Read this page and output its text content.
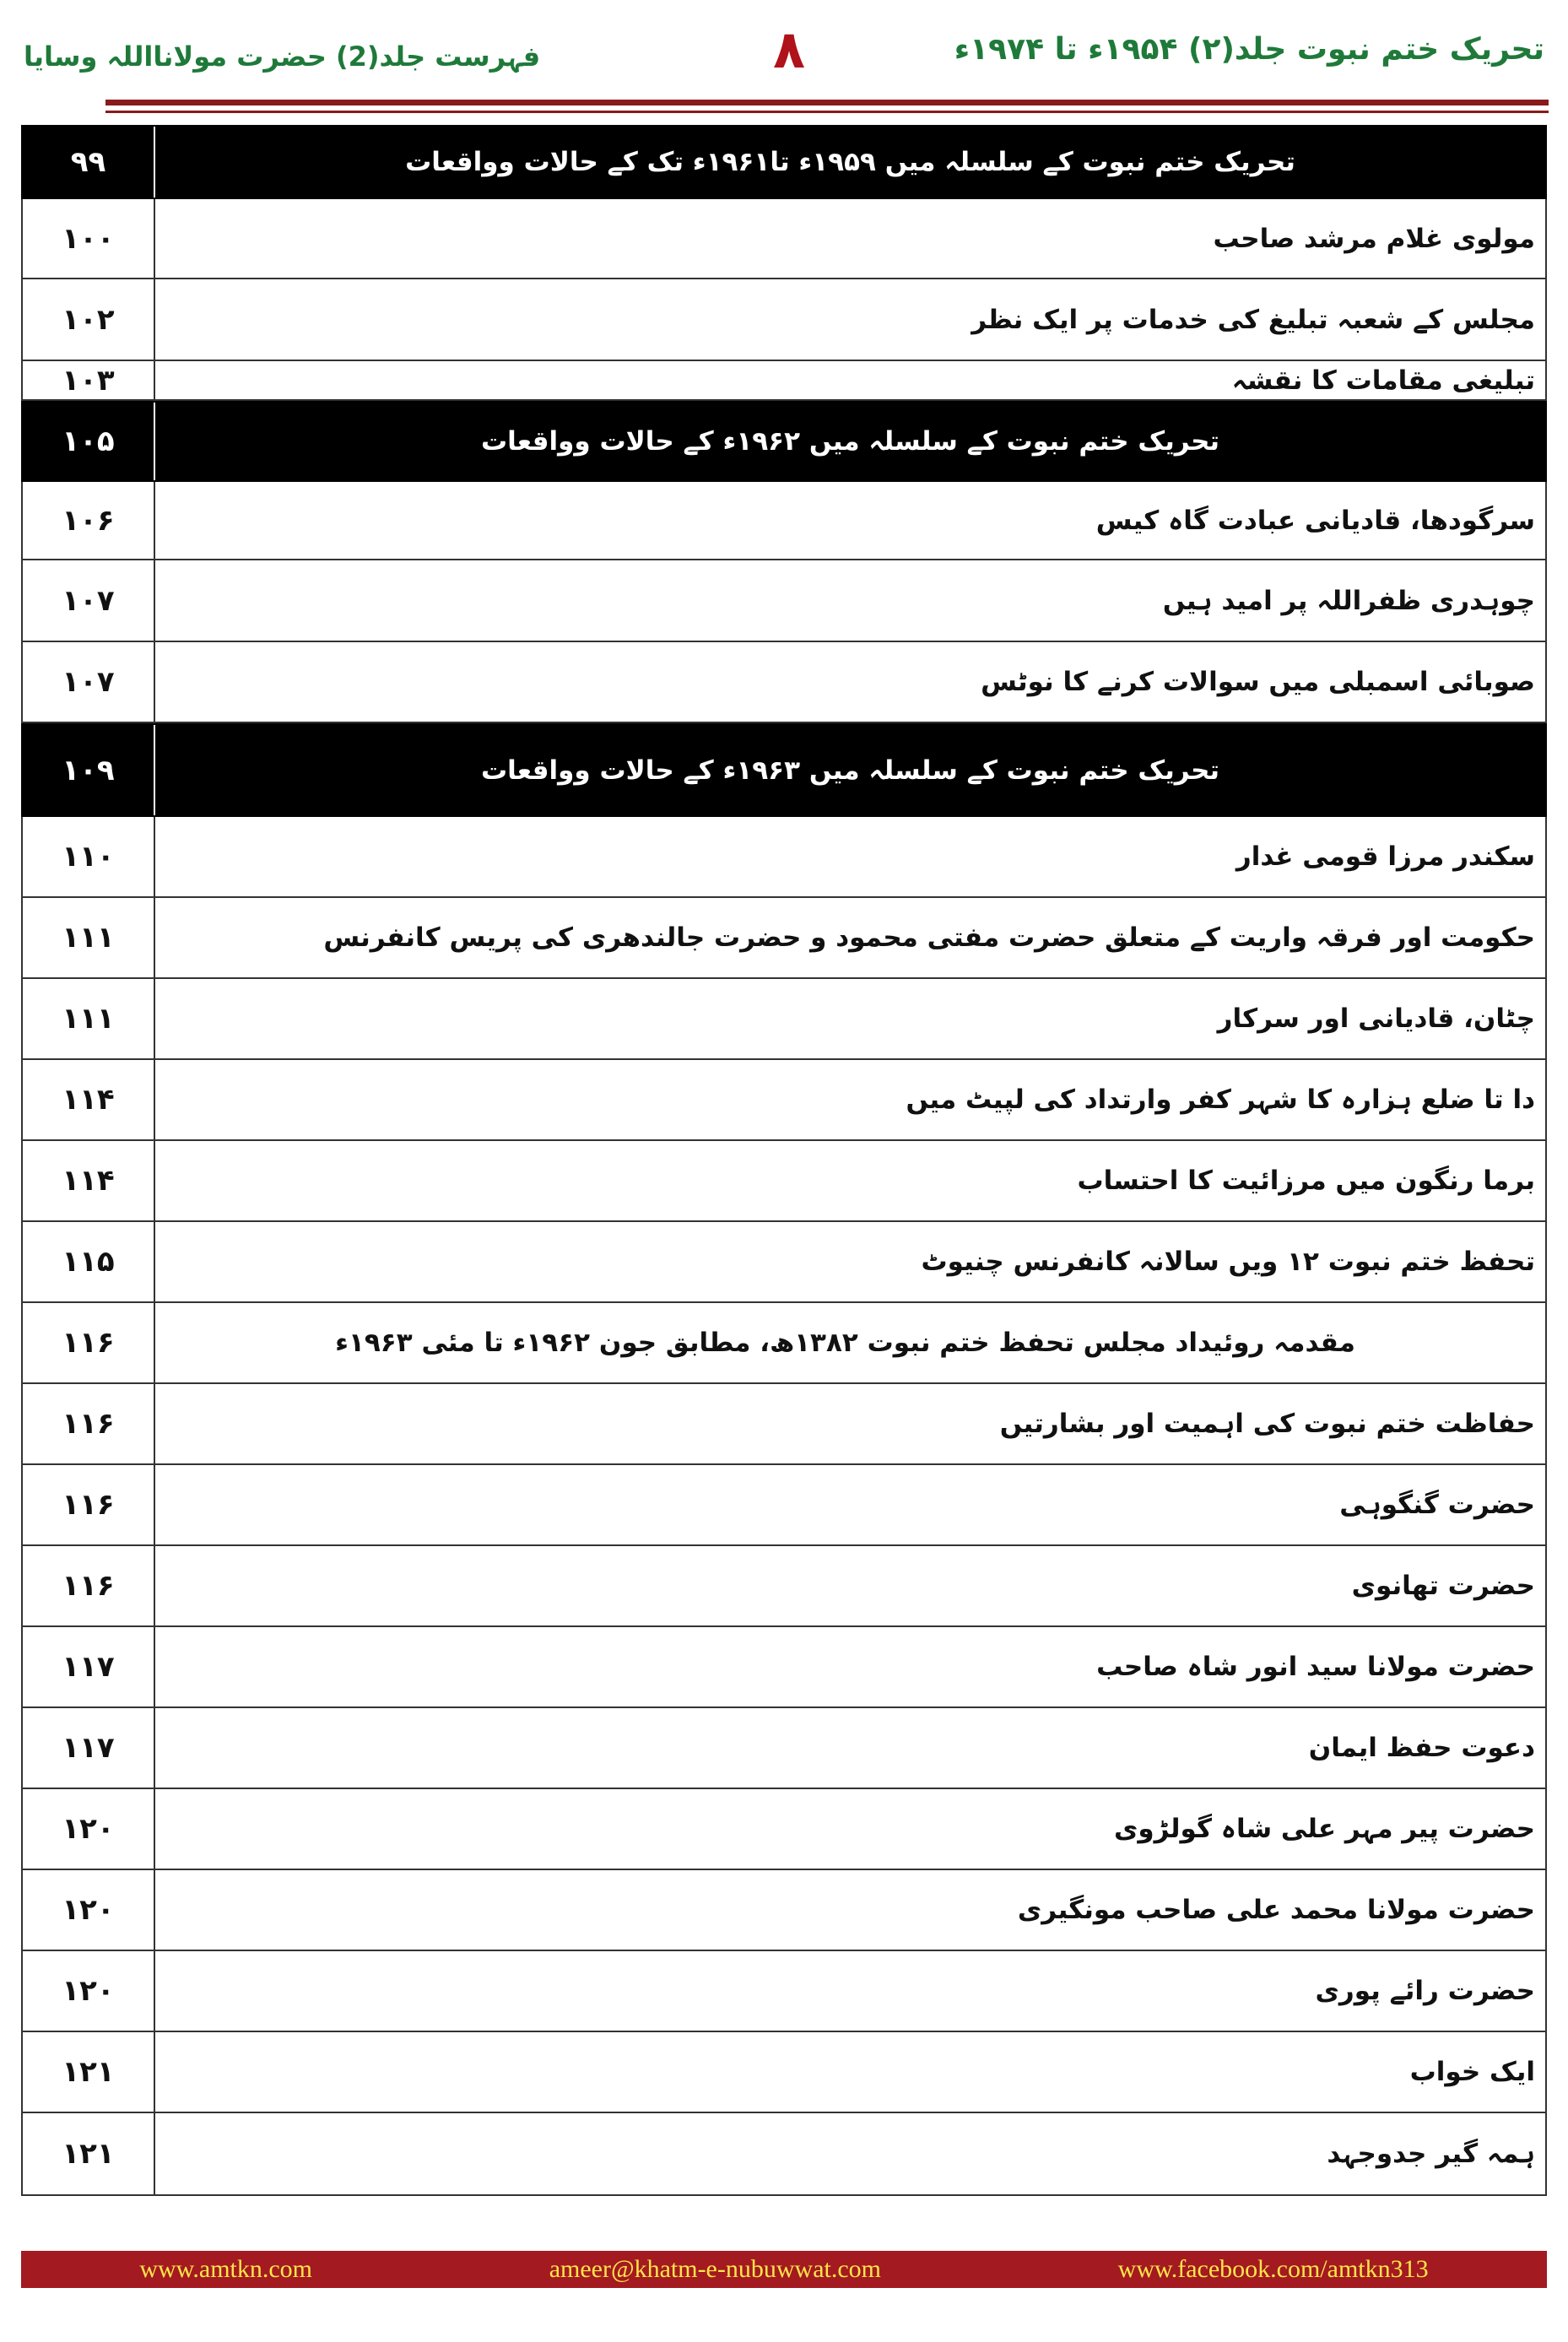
تحریک ختم نبوت جلد(۲) ۱۹۵۴ء تا ۱۹۷۴ء
۸
فہرست جلد(2) حضرت مولانااللہ وسایا
۹۹	تحریک ختم نبوت کے سلسلہ میں ۱۹۵۹ء تا۱۹۶۱ء تک کے حالات وواقعات
۱۰۰	مولوی غلام مرشد صاحب
۱۰۲	مجلس کے شعبہ تبلیغ کی خدمات پر ایک نظر
۱۰۳	تبلیغی مقامات کا نقشہ
۱۰۵	تحریک ختم نبوت کے سلسلہ میں ۱۹۶۲ء کے حالات وواقعات
۱۰۶	سرگودھا، قادیانی عبادت گاہ کیس
۱۰۷	چوہدری ظفراللہ پر امید ہیں
۱۰۷	صوبائی اسمبلی میں سوالات کرنے کا نوٹس
۱۰۹	تحریک ختم نبوت کے سلسلہ میں ۱۹۶۳ء کے حالات وواقعات
۱۱۰	سکندر مرزا قومی غدار
۱۱۱	حکومت اور فرقہ واریت کے متعلق حضرت مفتی محمود و حضرت جالندھری کی پریس کانفرنس
۱۱۱	چٹان، قادیانی اور سرکار
۱۱۴	دا تا ضلع ہزارہ کا شہر کفر وارتداد کی لپیٹ میں
۱۱۴	برما رنگون میں مرزائیت کا احتساب
۱۱۵	تحفظ ختم نبوت ۱۲ ویں سالانہ کانفرنس چنیوٹ
۱۱۶	مقدمہ روئیداد مجلس تحفظ ختم نبوت ۱۳۸۲ھ، مطابق جون ۱۹۶۲ء تا مئی ۱۹۶۳ء
۱۱۶	حفاظت ختم نبوت کی اہمیت اور بشارتیں
۱۱۶	حضرت گنگوہی
۱۱۶	حضرت تھانوی
۱۱۷	حضرت مولانا سید انور شاہ صاحب
۱۱۷	دعوت حفظ ایمان
۱۲۰	حضرت پیر مہر علی شاہ گولڑوی
۱۲۰	حضرت مولانا محمد علی صاحب مونگیری
۱۲۰	حضرت رائے پوری
۱۲۱	ایک خواب
۱۲۱	ہمہ گیر جدوجہد
www.amtkn.com	ameer@khatm-e-nubuwwat.com	www.facebook.com/amtkn313
